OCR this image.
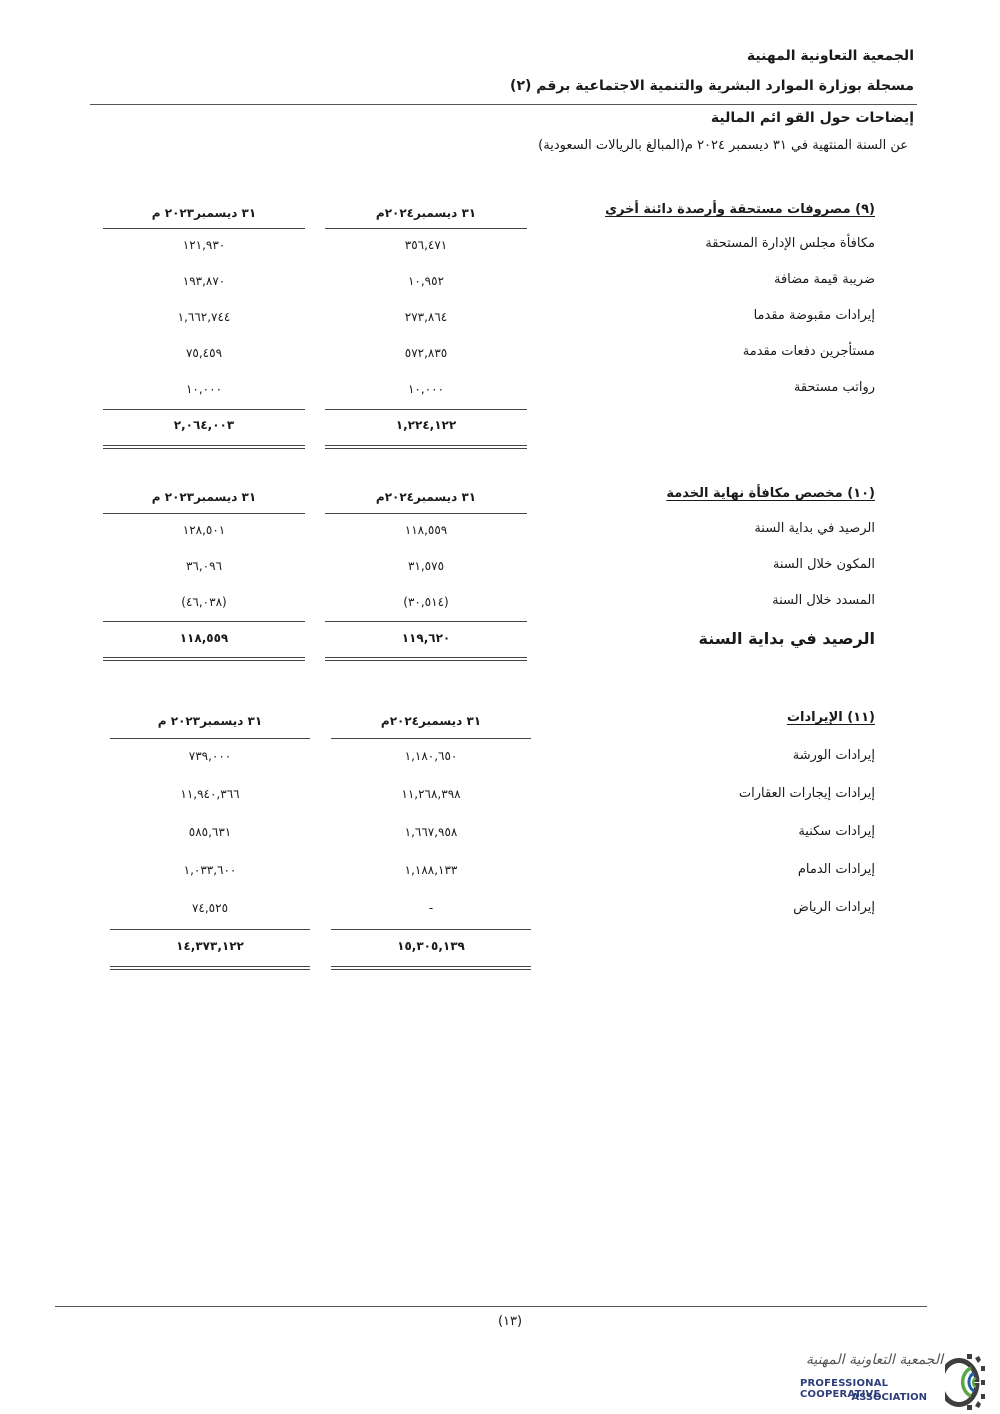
الجمعية التعاونية المهنية
مسجلة بوزارة الموارد البشرية والتنمية الاجتماعية برقم (٢)
إيضاحات حول القو ائم المالية
عن السنة المنتهية في ٣١ ديسمبر ٢٠٢٤ م(المبالغ بالريالات السعودية)
(٩) مصروفات مستحقة وأرصدة دائنة أخري
٣١ ديسمبر٢٠٢٤م
٣١ ديسمبر٢٠٢٣ م
مكافأة مجلس الإدارة المستحقة
٣٥٦,٤٧١
١٢١,٩٣٠
ضريبة قيمة مضافة
١٠,٩٥٢
١٩٣,٨٧٠
إيرادات مقبوضة مقدما
٢٧٣,٨٦٤
١,٦٦٢,٧٤٤
مستأجرين دفعات مقدمة
٥٧٢,٨٣٥
٧٥,٤٥٩
رواتب مستحقة
١٠,٠٠٠
١٠,٠٠٠
١,٢٢٤,١٢٢
٢,٠٦٤,٠٠٣
(١٠) مخصص مكافأة نهاية الخدمة
٣١ ديسمبر٢٠٢٤م
٣١ ديسمبر٢٠٢٣ م
الرصيد في بداية السنة
١١٨,٥٥٩
١٢٨,٥٠١
المكون خلال السنة
٣١,٥٧٥
٣٦,٠٩٦
المسدد خلال السنة
(٣٠,٥١٤)
(٤٦,٠٣٨)
الرصيد في بداية السنة
١١٩,٦٢٠
١١٨,٥٥٩
(١١) الإيرادات
٣١ ديسمبر٢٠٢٤م
٣١ ديسمبر٢٠٢٣ م
إيرادات الورشة
١,١٨٠,٦٥٠
٧٣٩,٠٠٠
إيرادات إيجارات العقارات
١١,٢٦٨,٣٩٨
١١,٩٤٠,٣٦٦
إيرادات سكنية
١,٦٦٧,٩٥٨
٥٨٥,٦٣١
إيرادات الدمام
١,١٨٨,١٣٣
١,٠٣٣,٦٠٠
إيرادات الرياض
-
٧٤,٥٢٥
١٥,٣٠٥,١٣٩
١٤,٣٧٣,١٢٢
(١٣)
الجمعية التعاونية المهنية
PROFESSIONAL COOPERATIVE
ASSOCIATION
